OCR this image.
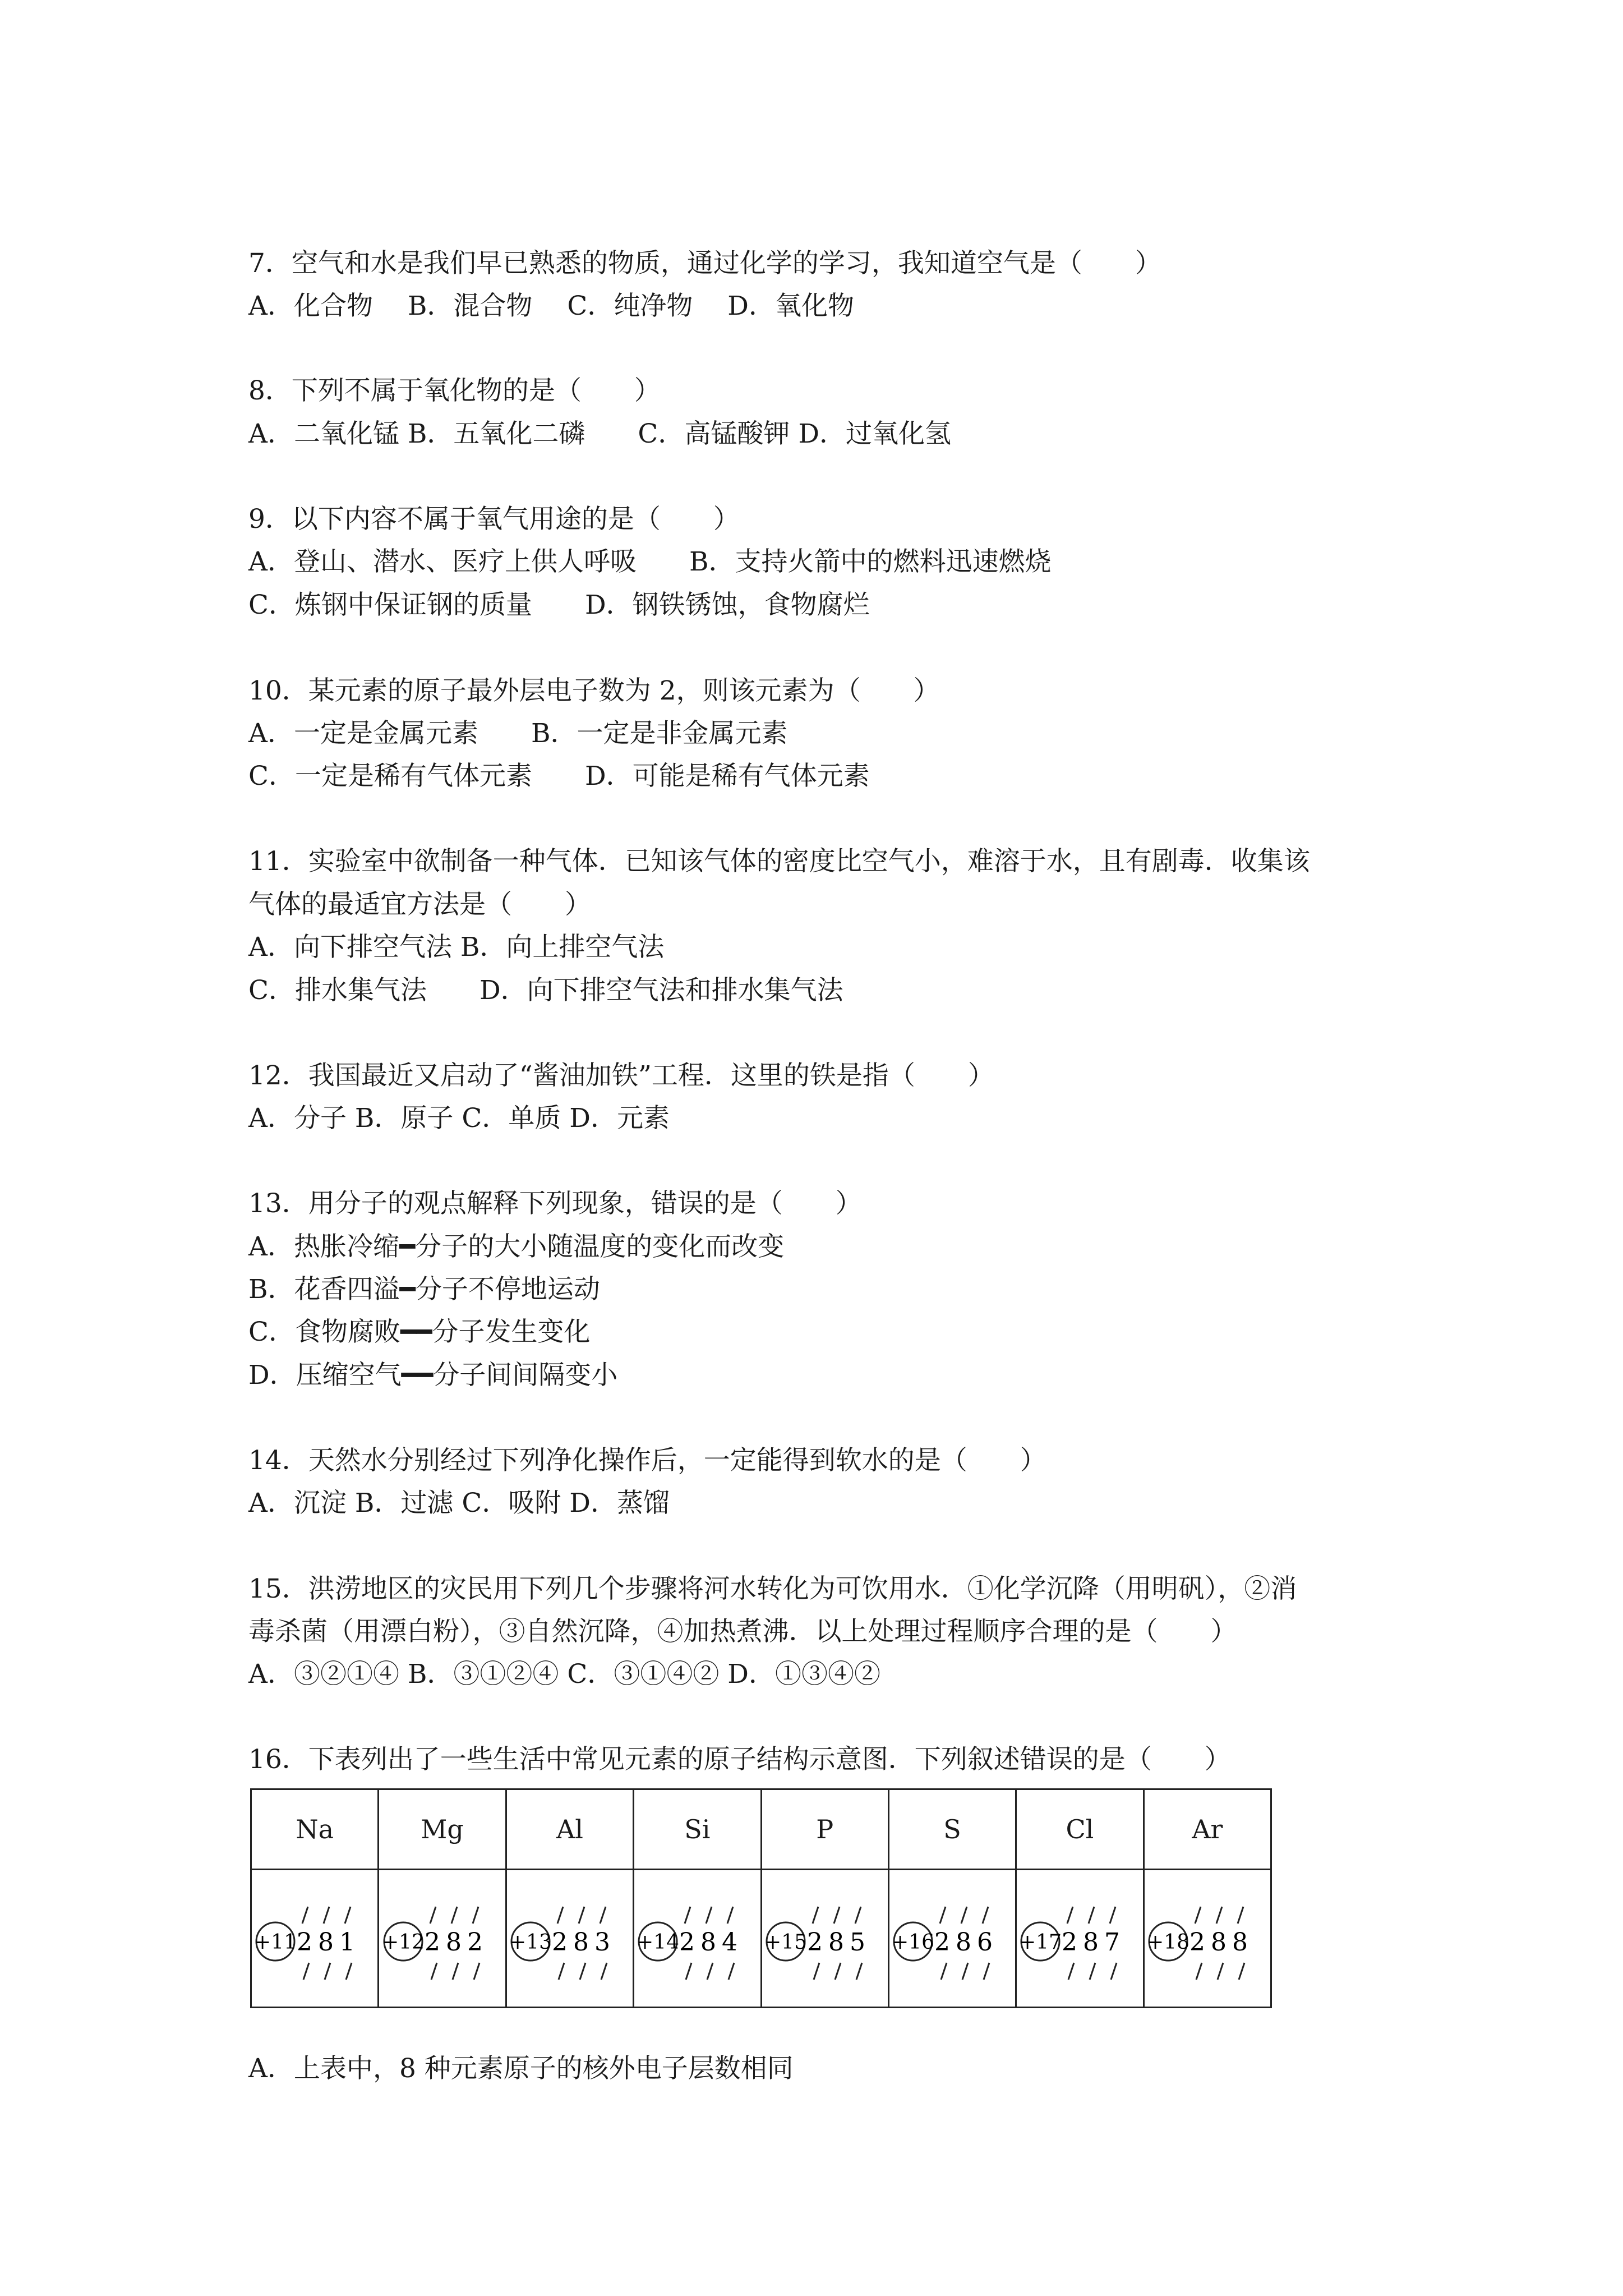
7．空气和水是我们早已熟悉的物质，通过化学的学习，我知道空气是（　　）

A．化合物　 B．混合物　 C．纯净物　 D．氧化物

8．下列不属于氧化物的是（　　）

A．二氧化锰 B．五氧化二磷　　C．高锰酸钾 D．过氧化氢

9．以下内容不属于氧气用途的是（　　）

A．登山、潜水、医疗上供人呼吸　　B．支持火箭中的燃料迅速燃烧

C．炼钢中保证钢的质量　　D．钢铁锈蚀，食物腐烂

10．某元素的原子最外层电子数为 2，则该元素为（　　）

A．一定是金属元素　　B．一定是非金属元素

C．一定是稀有气体元素　　D．可能是稀有气体元素

11．实验室中欲制备一种气体．已知该气体的密度比空气小，难溶于水，且有剧毒．收集该

气体的最适宜方法是（　　）

A．向下排空气法 B．向上排空气法

C．排水集气法　　D．向下排空气法和排水集气法

12．我国最近又启动了“酱油加铁”工程．这里的铁是指（　　）

A．分子 B．原子 C．单质 D．元素

13．用分子的观点解释下列现象，错误的是（　　）

A．热胀冷缩━分子的大小随温度的变化而改变

B．花香四溢━分子不停地运动

C．食物腐败━━分子发生变化

D．压缩空气━━分子间间隔变小

14．天然水分别经过下列净化操作后，一定能得到软水的是（　　）

A．沉淀 B．过滤 C．吸附 D．蒸馏

15．洪涝地区的灾民用下列几个步骤将河水转化为可饮用水．①化学沉降（用明矾），②消

毒杀菌（用漂白粉），③自然沉降，④加热煮沸．以上处理过程顺序合理的是（　　）

A．③②①④ B．③①②④ C．③①④② D．①③④②

16．下表列出了一些生活中常见元素的原子结构示意图．下列叙述错误的是（　　）

Na	Mg	Al	Si	P	S	Cl	Ar

+11 2 8 1	+12 2 8 2	+13 2 8 3	+14 2 8 4	+15 2 8 5	+16 2 8 6	+17 2 8 7	+18 2 8 8

A．上表中，8 种元素原子的核外电子层数相同
